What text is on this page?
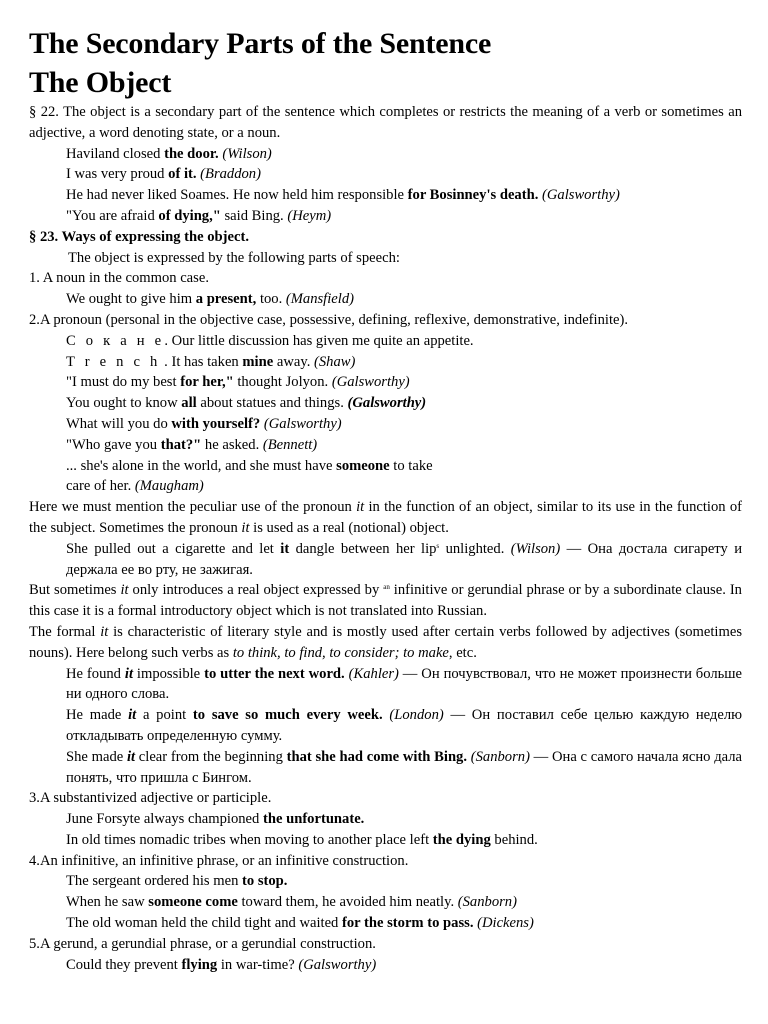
The Secondary Parts of the Sentence
The Object
§ 22. The object is a secondary part of the sentence which completes or restricts the meaning of a verb or sometimes an adjective, a word denoting state, or a noun.
Haviland closed the door. (Wilson)
I was very proud of it. (Braddon)
He had never liked Soames. He now held him responsible for Bosinney's death. (Galsworthy)
"You are afraid of dying," said Bing. (Heym)
§ 23. Ways of expressing the object.
The object is expressed by the following parts of speech:
1. A noun in the common case.
We ought to give him a present, too. (Mansfield)
2.A pronoun (personal in the objective case, possessive, defining, reflexive, demonstrative, indefinite).
С о к а н е. Our little discussion has given me quite an appetite.
T r e n c h . It has taken mine away. (Shaw)
"I must do my best for her," thought Jolyon. (Galsworthy)
You ought to know all about statues and things. (Galsworthy)
What will you do with yourself? (Galsworthy)
"Who gave you that?" he asked. (Bennett)
... she's alone in the world, and she must have someone to take
care of her. (Maugham)
Here we must mention the peculiar use of the pronoun it in the function of an object, similar to its use in the function of the subject. Sometimes the pronoun it is used as a real (notional) object.
She pulled out a cigarette and let it dangle between her lip$^s$ unlighted. (Wilson) — Она достала сигарету и держала ее во рту, не зажигая.
But sometimes it only introduces a real object expressed by $^{an}$ infinitive or gerundial phrase or by a subordinate clause. In this case it is a formal introductory object which is not translated into Russian.
The formal it is characteristic of literary style and is mostly used after certain verbs followed by adjectives (sometimes nouns). Here belong such verbs as to think, to find, to consider; to make, etc.
He found it impossible to utter the next word. (Kahler) — Он почувствовал, что не может произнести больше ни одного слова.
He made it a point to save so much every week. (London) — Он поставил себе целью каждую неделю откладывать определенную сумму.
She made it clear from the beginning that she had come with Bing. (Sanborn) — Она с самого начала ясно дала понять, что пришла с Бингом.
3.A substantivized adjective or participle.
June Forsyte always championed the unfortunate.
In old times nomadic tribes when moving to another place left the dying behind.
4.An infinitive, an infinitive phrase, or an infinitive construction.
The sergeant ordered his men to stop.
When he saw someone come toward them, he avoided him neatly. (Sanborn)
The old woman held the child tight and waited for the storm to pass. (Dickens)
5.A gerund, a gerundial phrase, or a gerundial construction.
Could they prevent flying in war-time? (Galsworthy)
